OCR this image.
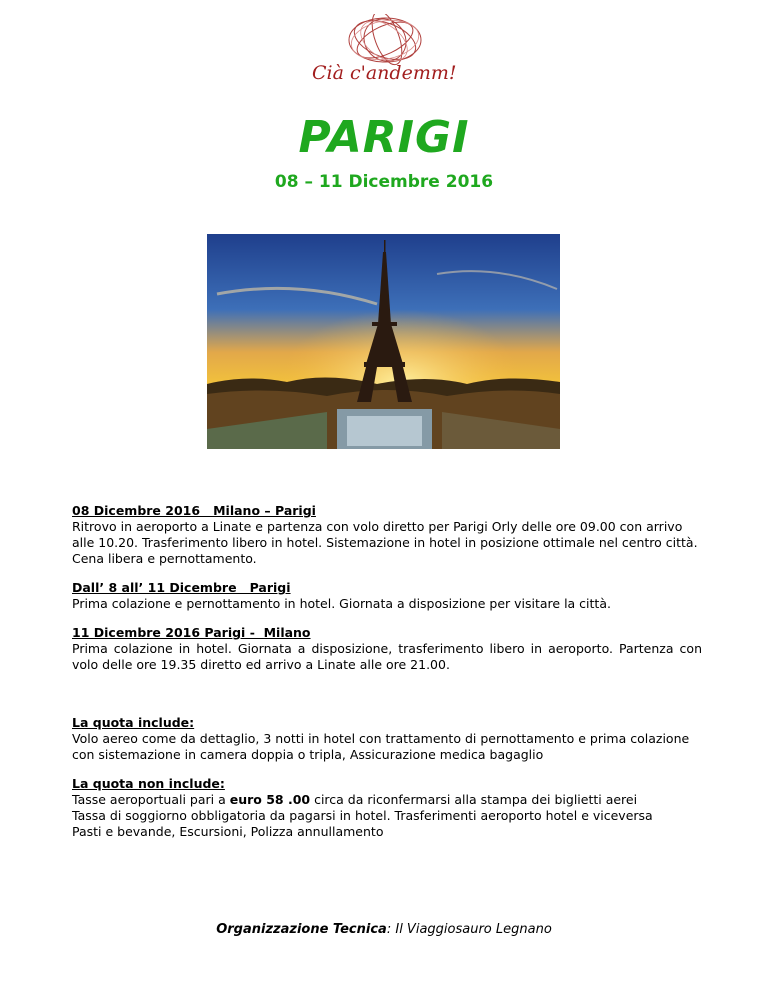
Cià c'andemm!
PARIGI
08 – 11 Dicembre 2016
08 Dicembre 2016   Milano – Parigi

Ritrovo in aeroporto a Linate e partenza con volo diretto per Parigi Orly delle ore 09.00 con arrivo alle 10.20. Trasferimento libero in hotel. Sistemazione in hotel in posizione ottimale nel centro città. Cena libera e pernottamento.

Dall’ 8 all’ 11 Dicembre   Parigi

Prima colazione e pernottamento in hotel. Giornata a disposizione per visitare la città.

11 Dicembre 2016 Parigi -  Milano

Prima colazione in hotel. Giornata a disposizione, trasferimento libero in aeroporto. Partenza con volo delle ore 19.35 diretto ed arrivo a Linate alle ore 21.00.

La quota include:

Volo aereo come da dettaglio, 3 notti in hotel con trattamento di pernottamento e prima colazione con sistemazione in camera doppia o tripla, Assicurazione medica bagaglio

La quota non include:

Tasse aeroportuali pari a euro 58 .00 circa da riconfermarsi alla stampa dei biglietti aerei

Tassa di soggiorno obbligatoria da pagarsi in hotel. Trasferimenti aeroporto hotel e viceversa

Pasti e bevande, Escursioni, Polizza annullamento

Organizzazione Tecnica: Il Viaggiosauro Legnano
